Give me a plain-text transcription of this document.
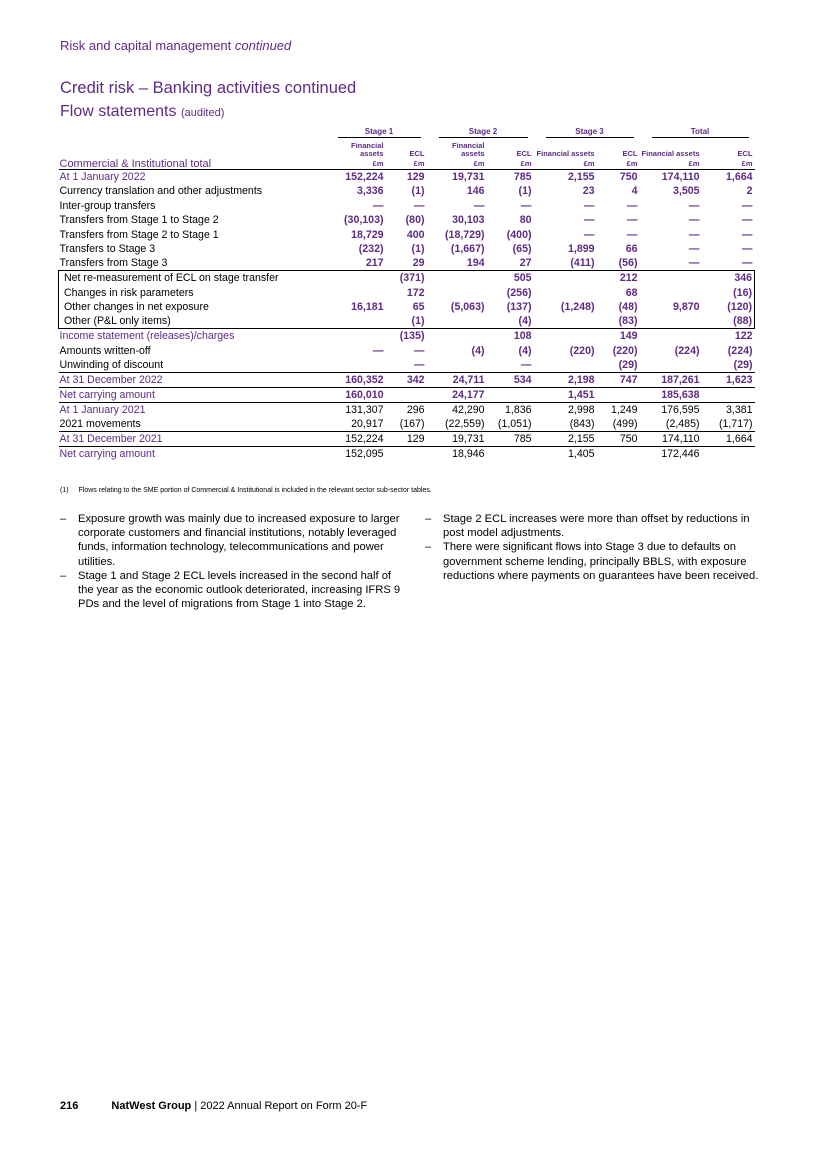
Risk and capital management continued
Credit risk – Banking activities continued
Flow statements (audited)

	Stage 1		Stage 2		Stage 3		Total	

	Financial assets	ECL	Financial assets	ECL	Financial assets	ECL	Financial assets	ECL
Commercial & Institutional total	£m	£m	£m	£m	£m	£m	£m	£m
At 1 January 2022	152,224	129	19,731	785	2,155	750	174,110	1,664
Currency translation and other adjustments	3,336	(1)	146	(1)	23	4	3,505	2
Inter-group transfers	—	—	—	—	—	—	—	—
Transfers from Stage 1 to Stage 2	(30,103)	(80)	30,103	80	—	—	—	—
Transfers from Stage 2 to Stage 1	18,729	400	(18,729)	(400)	—	—	—	—
Transfers to Stage 3	(232)	(1)	(1,667)	(65)	1,899	66	—	—
Transfers from Stage 3	217	29	194	27	(411)	(56)	—	—
Net re-measurement of ECL on stage transfer		(371)		505		212		346
Changes in risk parameters		172		(256)		68		(16)
Other changes in net exposure	16,181	65	(5,063)	(137)	(1,248)	(48)	9,870	(120)
Other (P&L only items)		(1)		(4)		(83)		(88)
Income statement (releases)/charges		(135)		108		149		122
Amounts written-off	—	—	(4)	(4)	(220)	(220)	(224)	(224)
Unwinding of discount		—		—		(29)		(29)
At 31 December 2022	160,352	342	24,711	534	2,198	747	187,261	1,623
Net carrying amount	160,010		24,177		1,451		185,638	
At 1 January 2021	131,307	296	42,290	1,836	2,998	1,249	176,595	3,381
2021 movements	20,917	(167)	(22,559)	(1,051)	(843)	(499)	(2,485)	(1,717)
At 31 December 2021	152,224	129	19,731	785	2,155	750	174,110	1,664
Net carrying amount	152,095		18,946		1,405		172,446	
(1) Flows relating to the SME portion of Commercial & Institutional is included in the relevant sector sub-sector tables.
– Exposure growth was mainly due to increased exposure to larger corporate customers and financial institutions, notably leveraged funds, information technology, telecommunications and power utilities.
– Stage 1 and Stage 2 ECL levels increased in the second half of the year as the economic outlook deteriorated, increasing IFRS 9 PDs and the level of migrations from Stage 1 into Stage 2.
– Stage 2 ECL increases were more than offset by reductions in post model adjustments.
– There were significant flows into Stage 3 due to defaults on government scheme lending, principally BBLS, with exposure reductions where payments on guarantees have been received.
216	NatWest Group | 2022 Annual Report on Form 20-F
